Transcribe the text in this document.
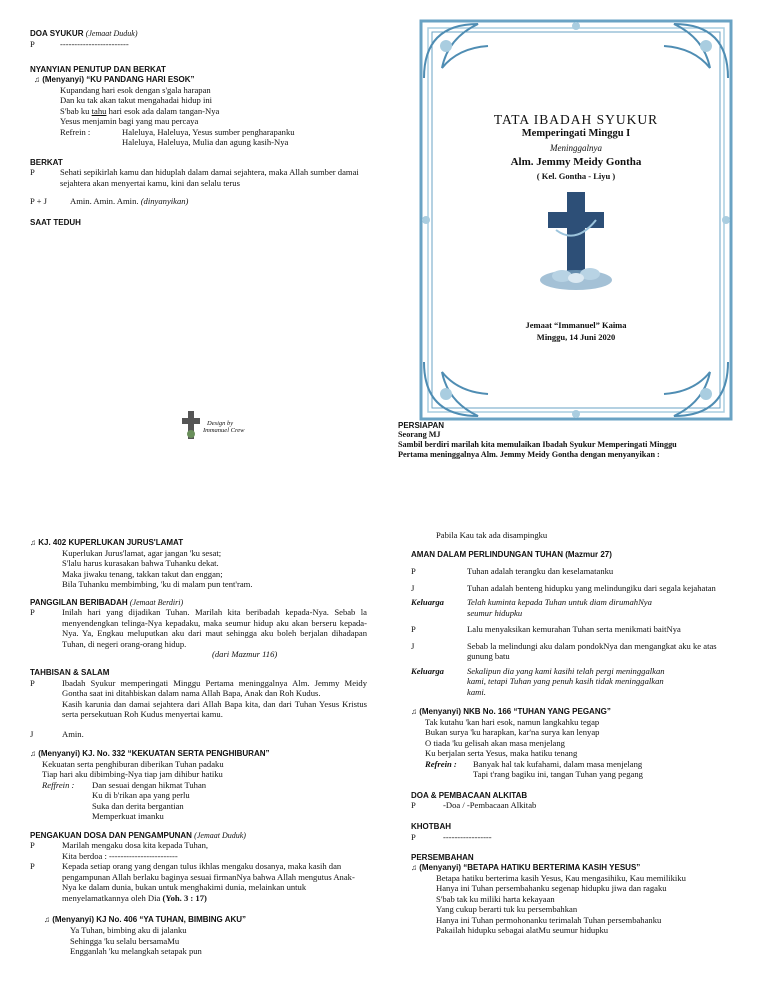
DOA SYUKUR (Jemaat Duduk)
P	------------------------
NYANYIAN PENUTUP DAN BERKAT
♫ (Menyanyi) “KU PANDANG HARI ESOK”
Kupandang hari esok dengan s'gala harapan
Dan ku tak akan takut mengahadai hidup ini
S'bab ku tahu hari esok ada dalam tangan-Nya
Yesus menjamin bagi yang mau percaya
Refrein :	Haleluya, Haleluya, Yesus sumber pengharapanku
Haleluya, Haleluya, Mulia dan agung kasih-Nya
BERKAT
P	Sehati sepikirlah kamu dan hiduplah dalam damai sejahtera, maka Allah sumber damai sejahtera akan menyertai kamu, kini dan selalu terus
P + J	Amin. Amin. Amin.
(dinyanyikan)
SAAT TEDUH
Design by
Immanuel Crew
TATA IBADAH SYUKUR
Memperingati Minggu I
Meninggalnya
Alm. Jemmy Meidy Gontha
( Kel. Gontha - Liyu )
Jemaat “Immanuel” Kaima
Minggu, 14 Juni 2020
PERSIAPAN
Seorang MJ
Sambil berdiri marilah kita memulaikan Ibadah Syukur Memperingati Minggu
Pertama meninggalnya Alm. Jemmy Meidy Gontha dengan menyanyikan :
♫ KJ. 402 KUPERLUKAN JURUS'LAMAT
Kuperlukan Jurus'lamat, agar jangan 'ku sesat;
S'lalu harus kurasakan bahwa Tuhanku dekat.
Maka jiwaku tenang, takkan takut dan enggan;
Bila Tuhanku membimbing, 'ku di malam pun tent'ram.
PANGGILAN BERIBADAH (Jemaat Berdiri)
P	Inilah hari yang dijadikan Tuhan. Marilah kita beribadah kepada-Nya. Sebab la menyendengkan telinga-Nya kepadaku, maka seumur hidup aku akan berseru kepada-Nya. Ya, Engkau meluputkan aku dari maut sehingga aku boleh berjalan dihadapan Tuhan, di negeri orang-orang hidup.
(dari Mazmur 116)
TAHBISAN & SALAM
P	Ibadah Syukur memperingati Minggu Pertama meninggalnya Alm. Jemmy Meidy Gontha saat ini ditahbiskan dalam nama Allah Bapa, Anak dan Roh Kudus.
Kasih karunia dan damai sejahtera dari Allah Bapa kita, dan dari Tuhan Yesus Kristus serta persekutuan Roh Kudus menyertai kamu.
J	Amin.
♫ (Menyanyi) KJ. No. 332 “KEKUATAN SERTA PENGHIBURAN”
Kekuatan serta penghiburan diberikan Tuhan padaku
Tiap hari aku dibimbing-Nya tiap jam dihibur hatiku
Reffrein :	Dan sesuai dengan hikmat Tuhan
Ku di b'rikan apa yang perlu
Suka dan derita bergantian
Memperkuat imanku
PENGAKUAN DOSA DAN PENGAMPUNAN (Jemaat Duduk)
P	Marilah mengaku dosa kita kepada Tuhan,
Kita berdoa : ------------------------
P	Kepada setiap orang yang dengan tulus ikhlas mengaku dosanya, maka kasih dan pengampunan Allah berlaku baginya sesuai firmanNya bahwa Allah mengutus Anak-Nya ke dalam dunia, bukan untuk menghakimi dunia, melainkan untuk menyelamatkannya oleh Dia (Yoh. 3 : 17)
♫ (Menyanyi) KJ No. 406 “YA TUHAN, BIMBING AKU”
Ya Tuhan, bimbing aku di jalanku
Sehingga 'ku selalu bersamaMu
Engganlah 'ku melangkah setapak pun
Pabila Kau tak ada disampingku
AMAN DALAM PERLINDUNGAN TUHAN (Mazmur 27)
P	Tuhan adalah terangku dan keselamatanku
J	Tuhan adalah benteng hidupku yang melindungiku dari segala kejahatan
Keluarga	Telah kuminta kepada Tuhan untuk diam dirumahNya seumur hidupku
P	Lalu menyaksikan kemurahan Tuhan serta menikmati baitNya
J	Sebab la melindungi aku dalam pondokNya dan mengangkat aku ke atas gunung batu
Keluarga	Sekalipun dia yang kami kasihi telah pergi meninggalkan kami, tetapi Tuhan yang penuh kasih tidak meninggalkan kami.
♫ (Menyanyi) NKB No. 166 “TUHAN YANG PEGANG”
Tak kutahu 'kan hari esok, namun langkahku tegap
Bukan surya 'ku harapkan, kar'na surya kan lenyap
O tiada 'ku gelisah akan masa menjelang
Ku berjalan serta Yesus, maka hatiku tenang
Refrein :	Banyak hal tak kufahami, dalam masa menjelang
Tapi t'rang bagiku ini, tangan Tuhan yang pegang
DOA & PEMBACAAN ALKITAB
P	-Doa / -Pembacaan Alkitab
KHOTBAH
P	-----------------
PERSEMBAHAN
♫ (Menyanyi) “BETAPA HATIKU BERTERIMA KASIH YESUS”
Betapa hatiku berterima kasih Yesus, Kau mengasihiku, Kau memilikiku
Hanya ini Tuhan persembahanku segenap hidupku jiwa dan ragaku
S'bab tak ku miliki harta kekayaan
Yang cukup berarti tuk ku persembahkan
Hanya ini Tuhan permohonanku terimalah Tuhan persembahanku
Pakailah hidupku sebagai alatMu seumur hidupku
